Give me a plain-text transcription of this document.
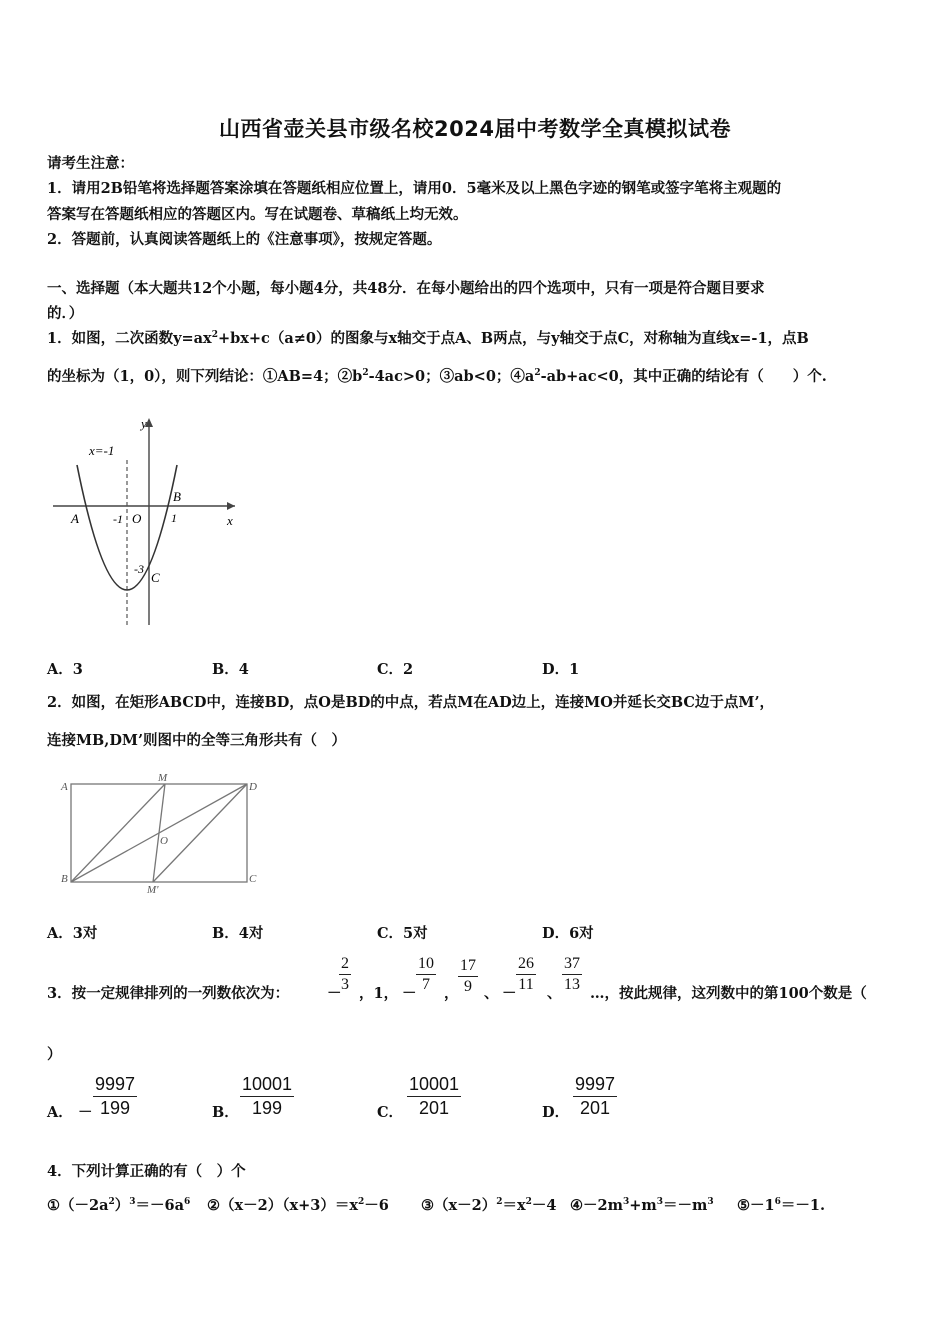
山西省壶关县市级名校2024届中考数学全真模拟试卷
请考生注意：
1．请用2B铅笔将选择题答案涂填在答题纸相应位置上，请用0．5毫米及以上黑色字迹的钢笔或签字笔将主观题的
答案写在答题纸相应的答题区内。写在试题卷、草稿纸上均无效。
2．答题前，认真阅读答题纸上的《注意事项》，按规定答题。
一、选择题（本大题共12个小题，每小题4分，共48分．在每小题给出的四个选项中，只有一项是符合题目要求
的．）
1．如图，二次函数$y=ax^2+bx+c(a\ne 0)$的图象与x轴交于点A、B两点，与y轴交于点C，对称轴为直线x=-1，点B
的坐标为（1，0），则下列结论：①AB=4；$②b^2-4ac>0$；③ab<0；$④a^2-ab+ac<0$，其中正确的结论有（　　）个.
x=-1
y
x
A
B
C
O
-1	1
-3
A．3	B．4	C．2	D．1
2．如图，在矩形ABCD中，连接BD，点O是BD的中点，若点M在AD边上，连接MO并延长交BC边于点M’，
连接MB,DM’则图中的全等三角形共有（　）
A
B	C
D
M
M'
O
A．3对	B．4对	C．5对	D．6对
3．按一定规律排列的一列数依次为：	－
2
3
，1， －
10
7
，
17
9 、 －
26
11
、
37
13
…，按此规律，这列数中的第100个数是（
）
A． －
9997
199	B．
10001
199	C．
10001
201	D．
9997
201
4．下列计算正确的有（　）个
$①(-2a^2)^3=-6a^6$ $②(x-2)(x+3)=x^2-6$ $③(x-2)^2=x^2-4$ $④-2m^3+m^3=-m^3$ $⑤-1^6=-1$.
